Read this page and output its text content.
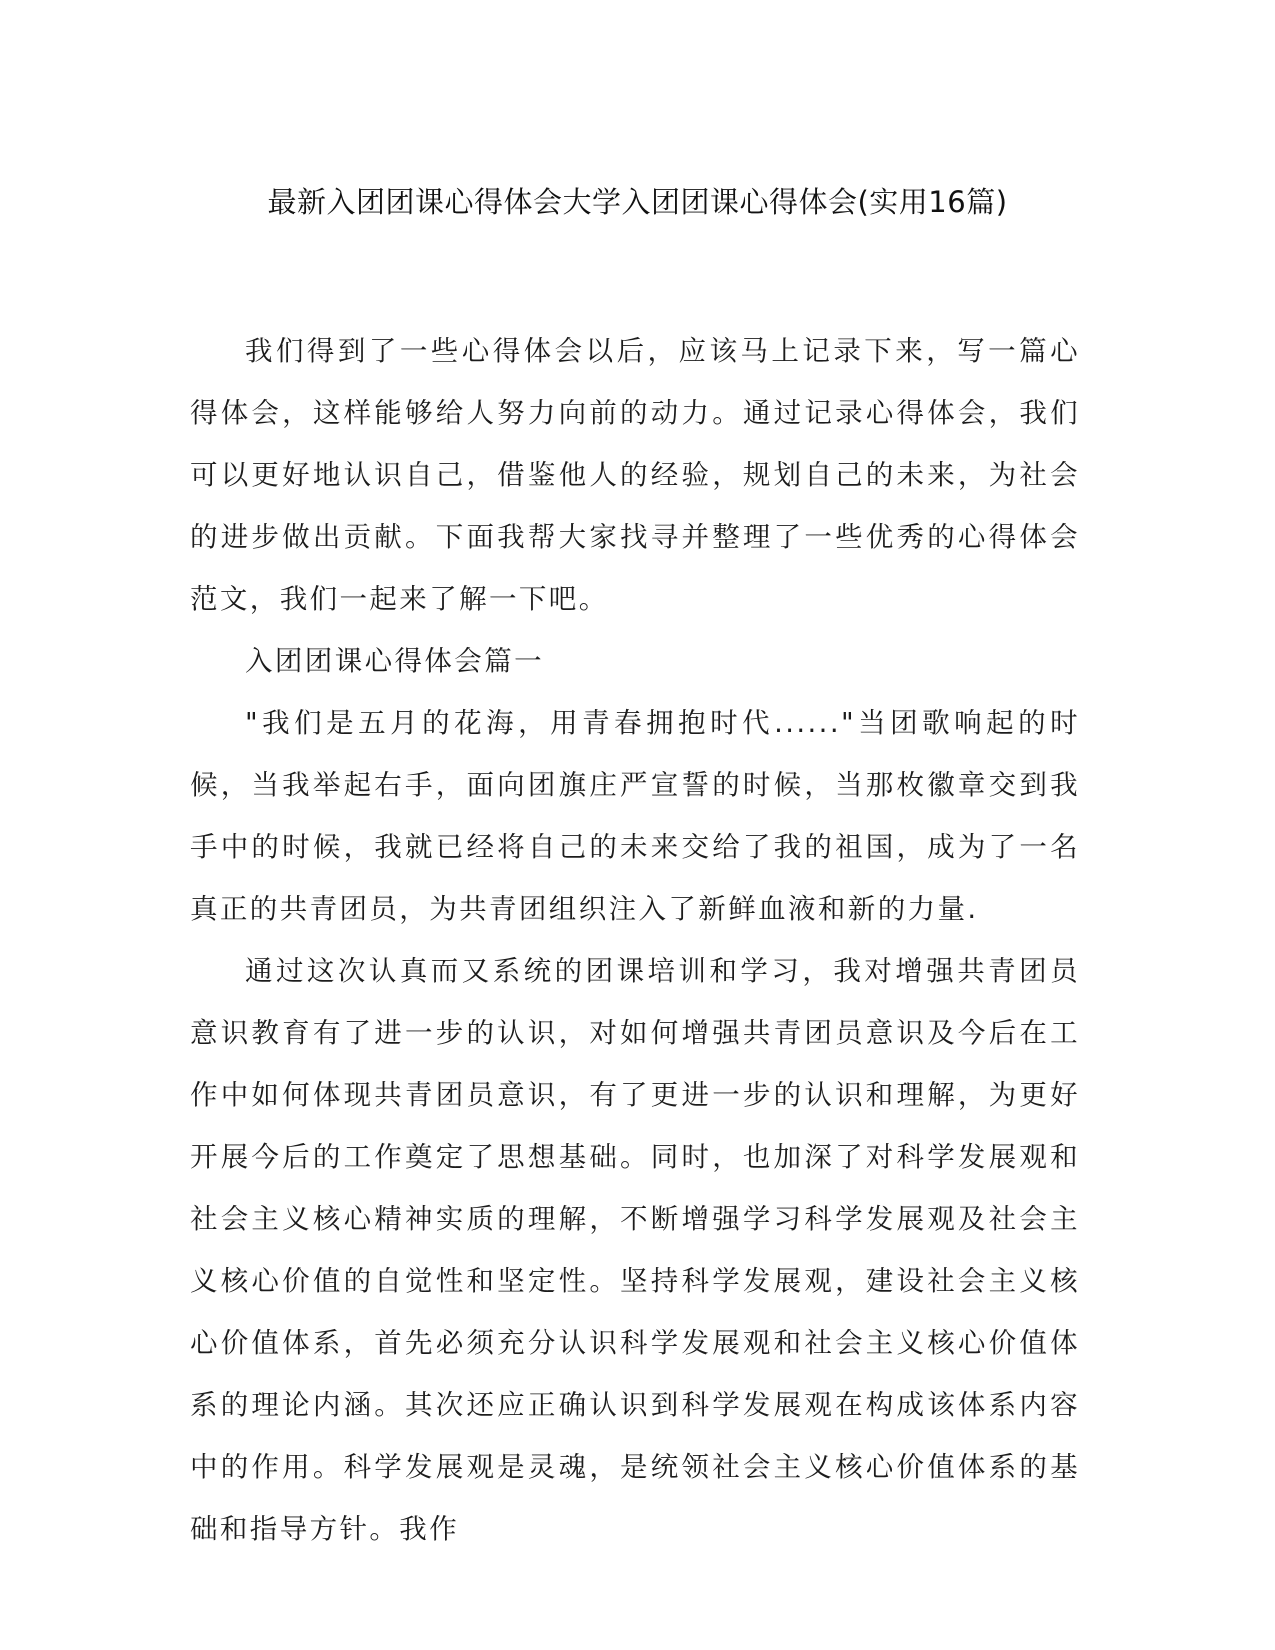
最新入团团课心得体会大学入团团课心得体会(实用16篇)

我们得到了一些心得体会以后，应该马上记录下来，写一篇心得体会，这样能够给人努力向前的动力。通过记录心得体会，我们可以更好地认识自己，借鉴他人的经验，规划自己的未来，为社会的进步做出贡献。下面我帮大家找寻并整理了一些优秀的心得体会范文，我们一起来了解一下吧。

入团团课心得体会篇一

"我们是五月的花海，用青春拥抱时代......"当团歌响起的时候，当我举起右手，面向团旗庄严宣誓的时候，当那枚徽章交到我手中的时候，我就已经将自己的未来交给了我的祖国，成为了一名真正的共青团员，为共青团组织注入了新鲜血液和新的力量.

通过这次认真而又系统的团课培训和学习，我对增强共青团员意识教育有了进一步的认识，对如何增强共青团员意识及今后在工作中如何体现共青团员意识，有了更进一步的认识和理解，为更好开展今后的工作奠定了思想基础。同时，也加深了对科学发展观和社会主义核心精神实质的理解，不断增强学习科学发展观及社会主义核心价值的自觉性和坚定性。坚持科学发展观，建设社会主义核心价值体系，首先必须充分认识科学发展观和社会主义核心价值体系的理论内涵。其次还应正确认识到科学发展观在构成该体系内容中的作用。科学发展观是灵魂，是统领社会主义核心价值体系的基础和指导方针。我作
